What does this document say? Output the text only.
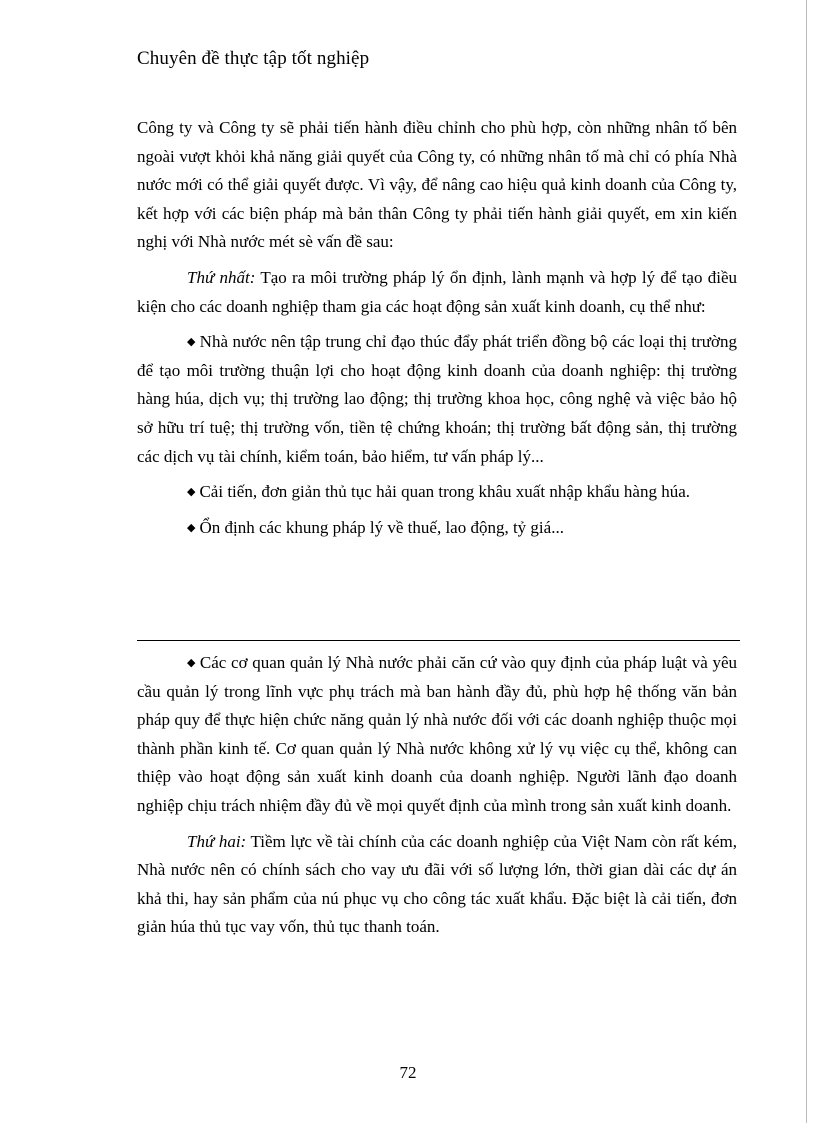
Chuyên đề thực tập tốt nghiệp

Công ty và Công ty sẽ phải tiến hành điều chỉnh cho phù hợp, còn những nhân tố bên ngoài vượt khỏi khả năng giải quyết của Công ty, có những nhân tố mà chỉ có phía Nhà nước mới có thể giải quyết được. Vì vậy, để nâng cao hiệu quả kinh doanh của Công ty, kết hợp với các biện pháp mà bản thân Công ty phải tiến hành giải quyết, em xin kiến nghị với Nhà nước mét sè vấn đề sau:

Thứ nhất: Tạo ra môi trường pháp lý ổn định, lành mạnh và hợp lý để tạo điều kiện cho các doanh nghiệp tham gia các hoạt động sản xuất kinh doanh, cụ thể như:

◆ Nhà nước nên tập trung chỉ đạo thúc đẩy phát triển đồng bộ các loại thị trường để tạo môi trường thuận lợi cho hoạt động kinh doanh của doanh nghiệp: thị trường hàng húa, dịch vụ; thị trường lao động; thị trường khoa học, công nghệ và việc bảo hộ sở hữu trí tuệ; thị trường vốn, tiền tệ chứng khoán; thị trường bất động sản, thị trường các dịch vụ tài chính, kiểm toán, bảo hiểm, tư vấn pháp lý...

◆ Cải tiến, đơn giản thủ tục hải quan trong khâu xuất nhập khẩu hàng húa.

◆ Ổn định các khung pháp lý về thuế, lao động, tỷ giá...

◆ Các cơ quan quản lý Nhà nước phải căn cứ vào quy định của pháp luật và yêu cầu quản lý trong lĩnh vực phụ trách mà ban hành đầy đủ, phù hợp hệ thống văn bản pháp quy để thực hiện chức năng quản lý nhà nước đối với các doanh nghiệp thuộc mọi thành phần kinh tế. Cơ quan quản lý Nhà nước không xử lý vụ việc cụ thể, không can thiệp vào hoạt động sản xuất kinh doanh của doanh nghiệp. Người lãnh đạo doanh nghiệp chịu trách nhiệm đầy đủ về mọi quyết định của mình trong sản xuất kinh doanh.

Thứ hai: Tiềm lực về tài chính của các doanh nghiệp của Việt Nam còn rất kém, Nhà nước nên có chính sách cho vay ưu đãi với số lượng lớn, thời gian dài các dự án khả thi, hay sản phẩm của nú phục vụ cho công tác xuất khẩu. Đặc biệt là cải tiến, đơn giản húa thủ tục vay vốn, thủ tục thanh toán.

72
